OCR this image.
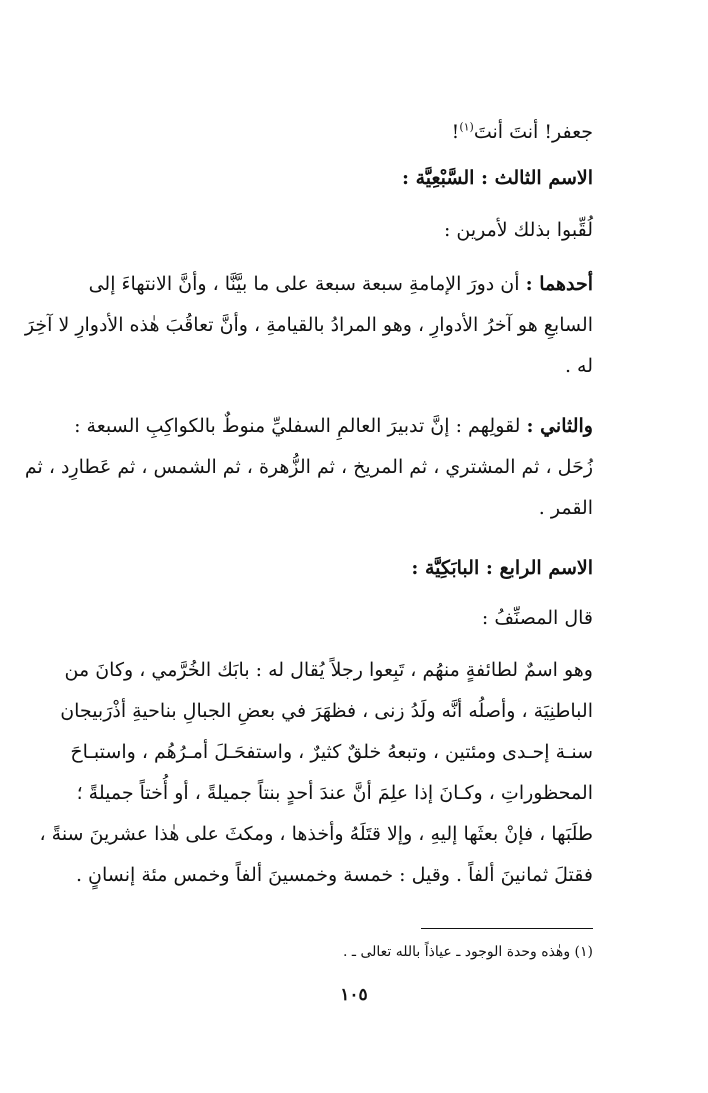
جعفر! أنتَ أنتَ$^{(١)}$!
الاسم الثالث : السَّبْعِيَّة :
لُقِّبوا بذلك لأمرين :
أحدهما : أن دورَ الإمامةِ سبعة سبعة على ما بيَّنَّا ، وأنَّ الانتهاءَ إلى
السابعِ هو آخرُ الأدوارِ ، وهو المرادُ بالقيامةِ ، وأنَّ تعاقُبَ هٰذه الأدوارِ لا آخِرَ
له .
والثاني : لقولِهم : إنَّ تدبيرَ العالمِ السفليِّ منوطٌ بالكواكِبِ السبعة :
زُحَل ، ثم المشتري ، ثم المريخ ، ثم الزُّهرة ، ثم الشمس ، ثم عَطارِد ، ثم
القمر .
الاسم الرابع : البابَكِيَّة :
قال المصنِّفُ :
وهو اسمٌ لطائفةٍ منهُم ، تَبِعوا رجلاً يُقال له : بابَك الخُرَّمي ، وكانَ من
الباطنِيَة ، وأصلُه أنَّه ولَدُ زنى ، فظهَرَ في بعضِ الجبالِ بناحيةِ أذْرَبيجان
سنـة إحـدى ومئتين ، وتبعهُ خلقٌ كثيرٌ ، واستفحَـلَ أمـرُهُم ، واستبـاحَ
المحظوراتِ ، وكـانَ إذا علِمَ أنَّ عندَ أحدٍ بنتاً جميلةً ، أو أُختاً جميلةً ؛
طلَبَها ، فإنْ بعثَها إليهِ ، وإلا قتَلَهُ وأخذها ، ومكثَ على هٰذا عشرينَ سنةً ،
فقتلَ ثمانينَ ألفاً . وقيل : خمسة وخمسينَ ألفاً وخمس مئة إنسانٍ .
(١) وهٰذه وحدة الوجود ـ عياذاً بالله تعالى ـ .
١٠٥
